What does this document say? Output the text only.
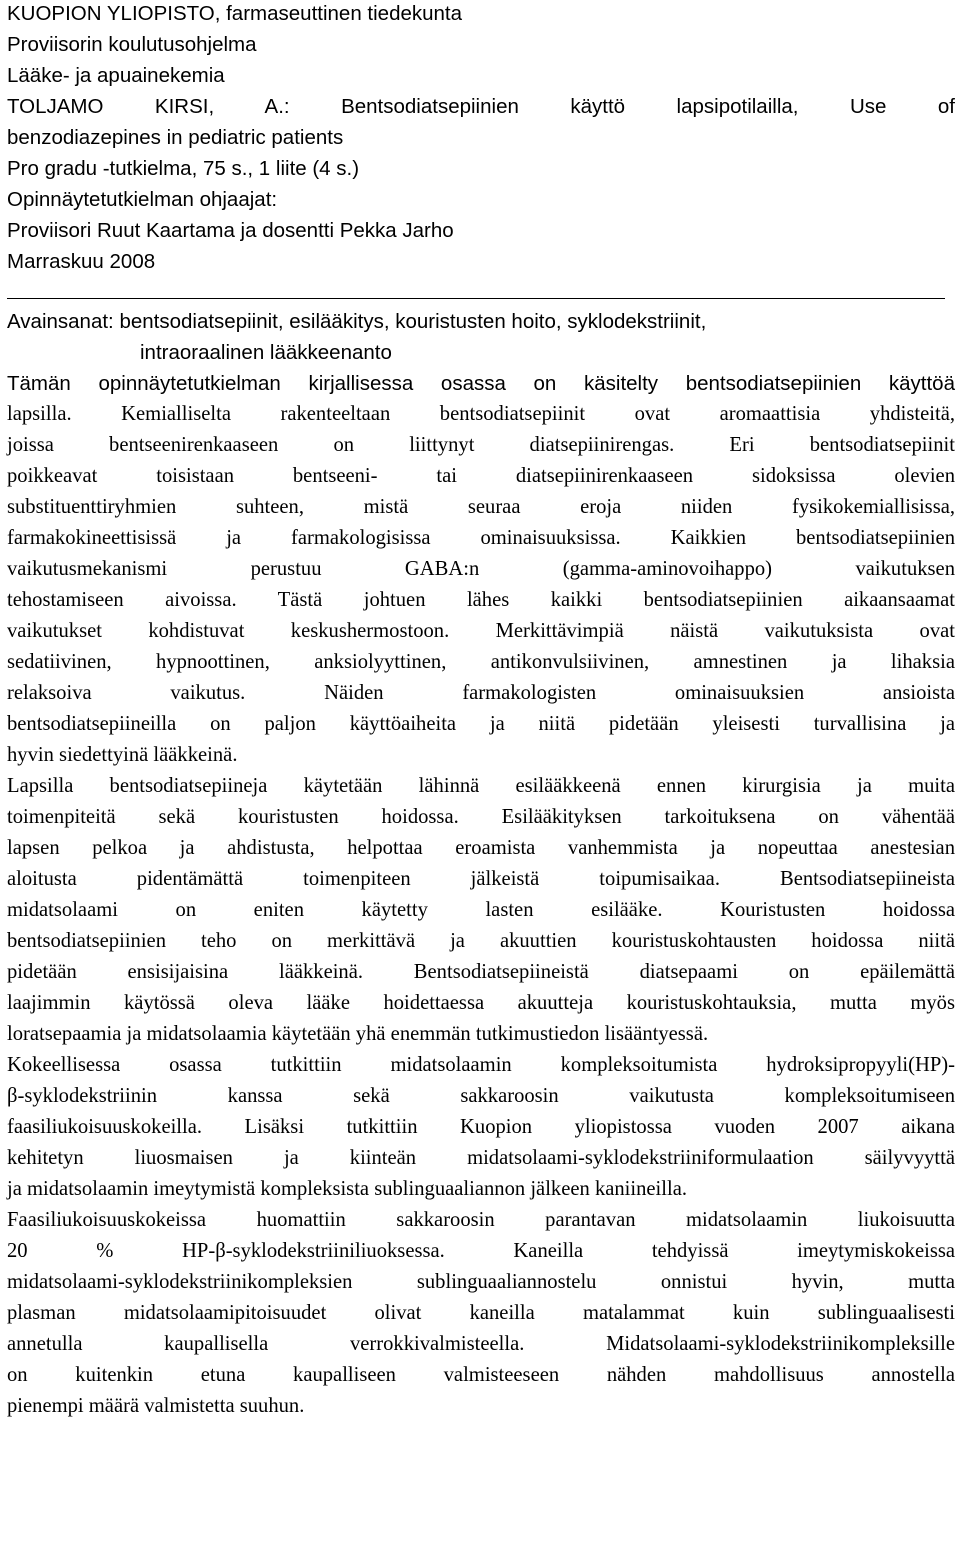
KUOPION YLIOPISTO, farmaseuttinen tiedekunta
Proviisorin koulutusohjelma
Lääke- ja apuainekemia
TOLJAMO KIRSI, A.: Bentsodiatsepiinien käyttö lapsipotilailla, Use of
benzodiazepines in pediatric patients
Pro gradu -tutkielma, 75 s., 1 liite (4 s.)
Opinnäytetutkielman ohjaajat:
Proviisori Ruut Kaartama ja dosentti Pekka Jarho
Marraskuu 2008
Avainsanat: bentsodiatsepiinit, esilääkitys, kouristusten hoito, syklodekstriinit,
intraoraalinen lääkkeenanto

Tämän opinnäytetutkielman kirjallisessa osassa on käsitelty bentsodiatsepiinien käyttöä
lapsilla. Kemialliselta rakenteeltaan bentsodiatsepiinit ovat aromaattisia yhdisteitä,
joissa bentseenirenkaaseen on liittynyt diatsepiinirengas. Eri bentsodiatsepiinit
poikkeavat toisistaan bentseeni- tai diatsepiinirenkaaseen sidoksissa olevien
substituenttiryhmien suhteen, mistä seuraa eroja niiden fysikokemiallisissa,
farmakokineettisissä ja farmakologisissa ominaisuuksissa. Kaikkien bentsodiatsepiinien
vaikutusmekanismi perustuu GABA:n (gamma-aminovoihappo) vaikutuksen
tehostamiseen aivoissa. Tästä johtuen lähes kaikki bentsodiatsepiinien aikaansaamat
vaikutukset kohdistuvat keskushermostoon. Merkittävimpiä näistä vaikutuksista ovat
sedatiivinen, hypnoottinen, anksiolyyttinen, antikonvulsiivinen, amnestinen ja lihaksia
relaksoiva vaikutus. Näiden farmakologisten ominaisuuksien ansioista
bentsodiatsepiineilla on paljon käyttöaiheita ja niitä pidetään yleisesti turvallisina ja
hyvin siedettyinä lääkkeinä.

Lapsilla bentsodiatsepiineja käytetään lähinnä esilääkkeenä ennen kirurgisia ja muita
toimenpiteitä sekä kouristusten hoidossa. Esilääkityksen tarkoituksena on vähentää
lapsen pelkoa ja ahdistusta, helpottaa eroamista vanhemmista ja nopeuttaa anestesian
aloitusta pidentämättä toimenpiteen jälkeistä toipumisaikaa. Bentsodiatsepiineista
midatsolaami on eniten käytetty lasten esilääke. Kouristusten hoidossa
bentsodiatsepiinien teho on merkittävä ja akuuttien kouristuskohtausten hoidossa niitä
pidetään ensisijaisina lääkkeinä. Bentsodiatsepiineistä diatsepaami on epäilemättä
laajimmin käytössä oleva lääke hoidettaessa akuutteja kouristuskohtauksia, mutta myös
loratsepaamia ja midatsolaamia käytetään yhä enemmän tutkimustiedon lisääntyessä.

Kokeellisessa osassa tutkittiin midatsolaamin kompleksoitumista hydroksipropyyli(HP)-
β-syklodekstriinin kanssa sekä sakkaroosin vaikutusta kompleksoitumiseen
faasiliukoisuuskokeilla. Lisäksi tutkittiin Kuopion yliopistossa vuoden 2007 aikana
kehitetyn liuosmaisen ja kiinteän midatsolaami-syklodekstriiniformulaation säilyvyyttä
ja midatsolaamin imeytymistä kompleksista sublinguaaliannon jälkeen kaniineilla.

Faasiliukoisuuskokeissa huomattiin sakkaroosin parantavan midatsolaamin liukoisuutta
20 % HP-β-syklodekstriiniliuoksessa. Kaneilla tehdyissä imeytymiskokeissa
midatsolaami-syklodekstriinikompleksien sublinguaaliannostelu onnistui hyvin, mutta
plasman midatsolaamipitoisuudet olivat kaneilla matalammat kuin sublinguaalisesti
annetulla kaupallisella verrokkivalmisteella. Midatsolaami-syklodekstriinikompleksille
on kuitenkin etuna kaupalliseen valmisteeseen nähden mahdollisuus annostella
pienempi määrä valmistetta suuhun.
